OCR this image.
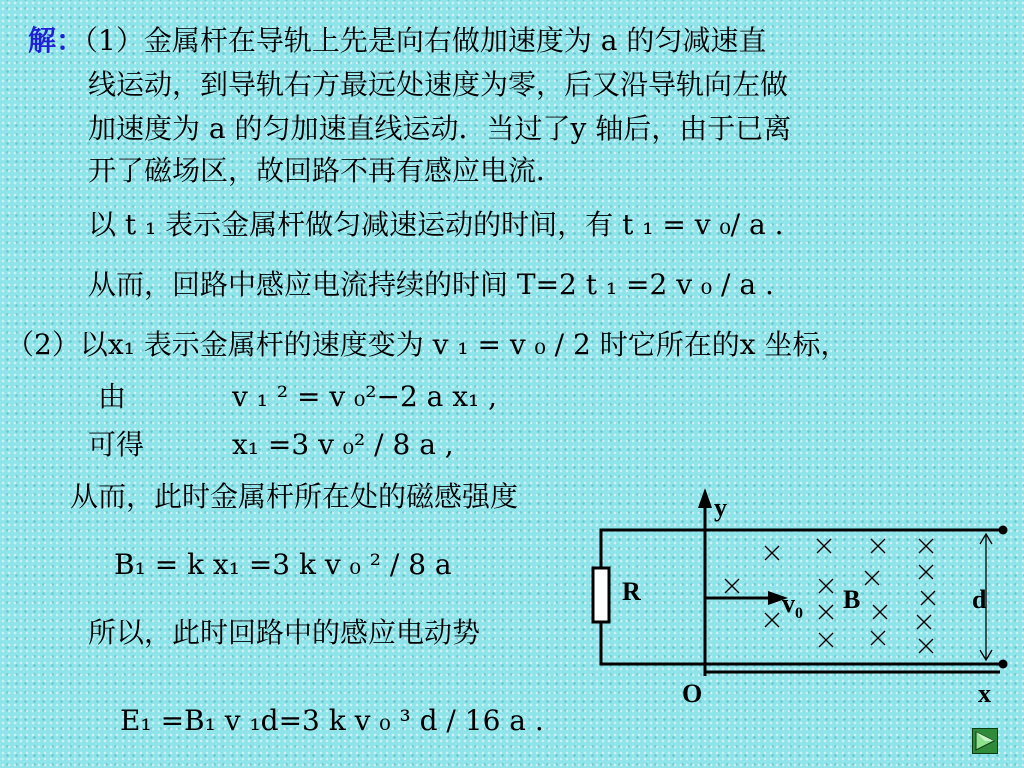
解：（1）金属杆在导轨上先是向右做加速度为 a 的匀减速直
线运动，到导轨右方最远处速度为零，后又沿导轨向左做
加速度为 a 的匀加速直线运动．当过了y 轴后，由于已离
开了磁场区，故回路不再有感应电流．
以 t ₁ 表示金属杆做匀减速运动的时间，有 t ₁ = v ₀/ a .
从而，回路中感应电流持续的时间 T=2 t ₁ =2 v ₀ / a .
（2）以x₁ 表示金属杆的速度变为 v ₁ = v ₀ / 2 时它所在的x 坐标，
由	v ₁ ² = v ₀²−2 a x₁ ,
可得	x₁ =3 v ₀² / 8 a ,
从而，此时金属杆所在处的磁感强度
B₁ = k x₁ =3 k v ₀ ² / 8 a
所以，此时回路中的感应电动势
E₁ =B₁ v ₁d=3 k v ₀ ³ d / 16 a .
y
x
O
R	$v_0$ B	d
